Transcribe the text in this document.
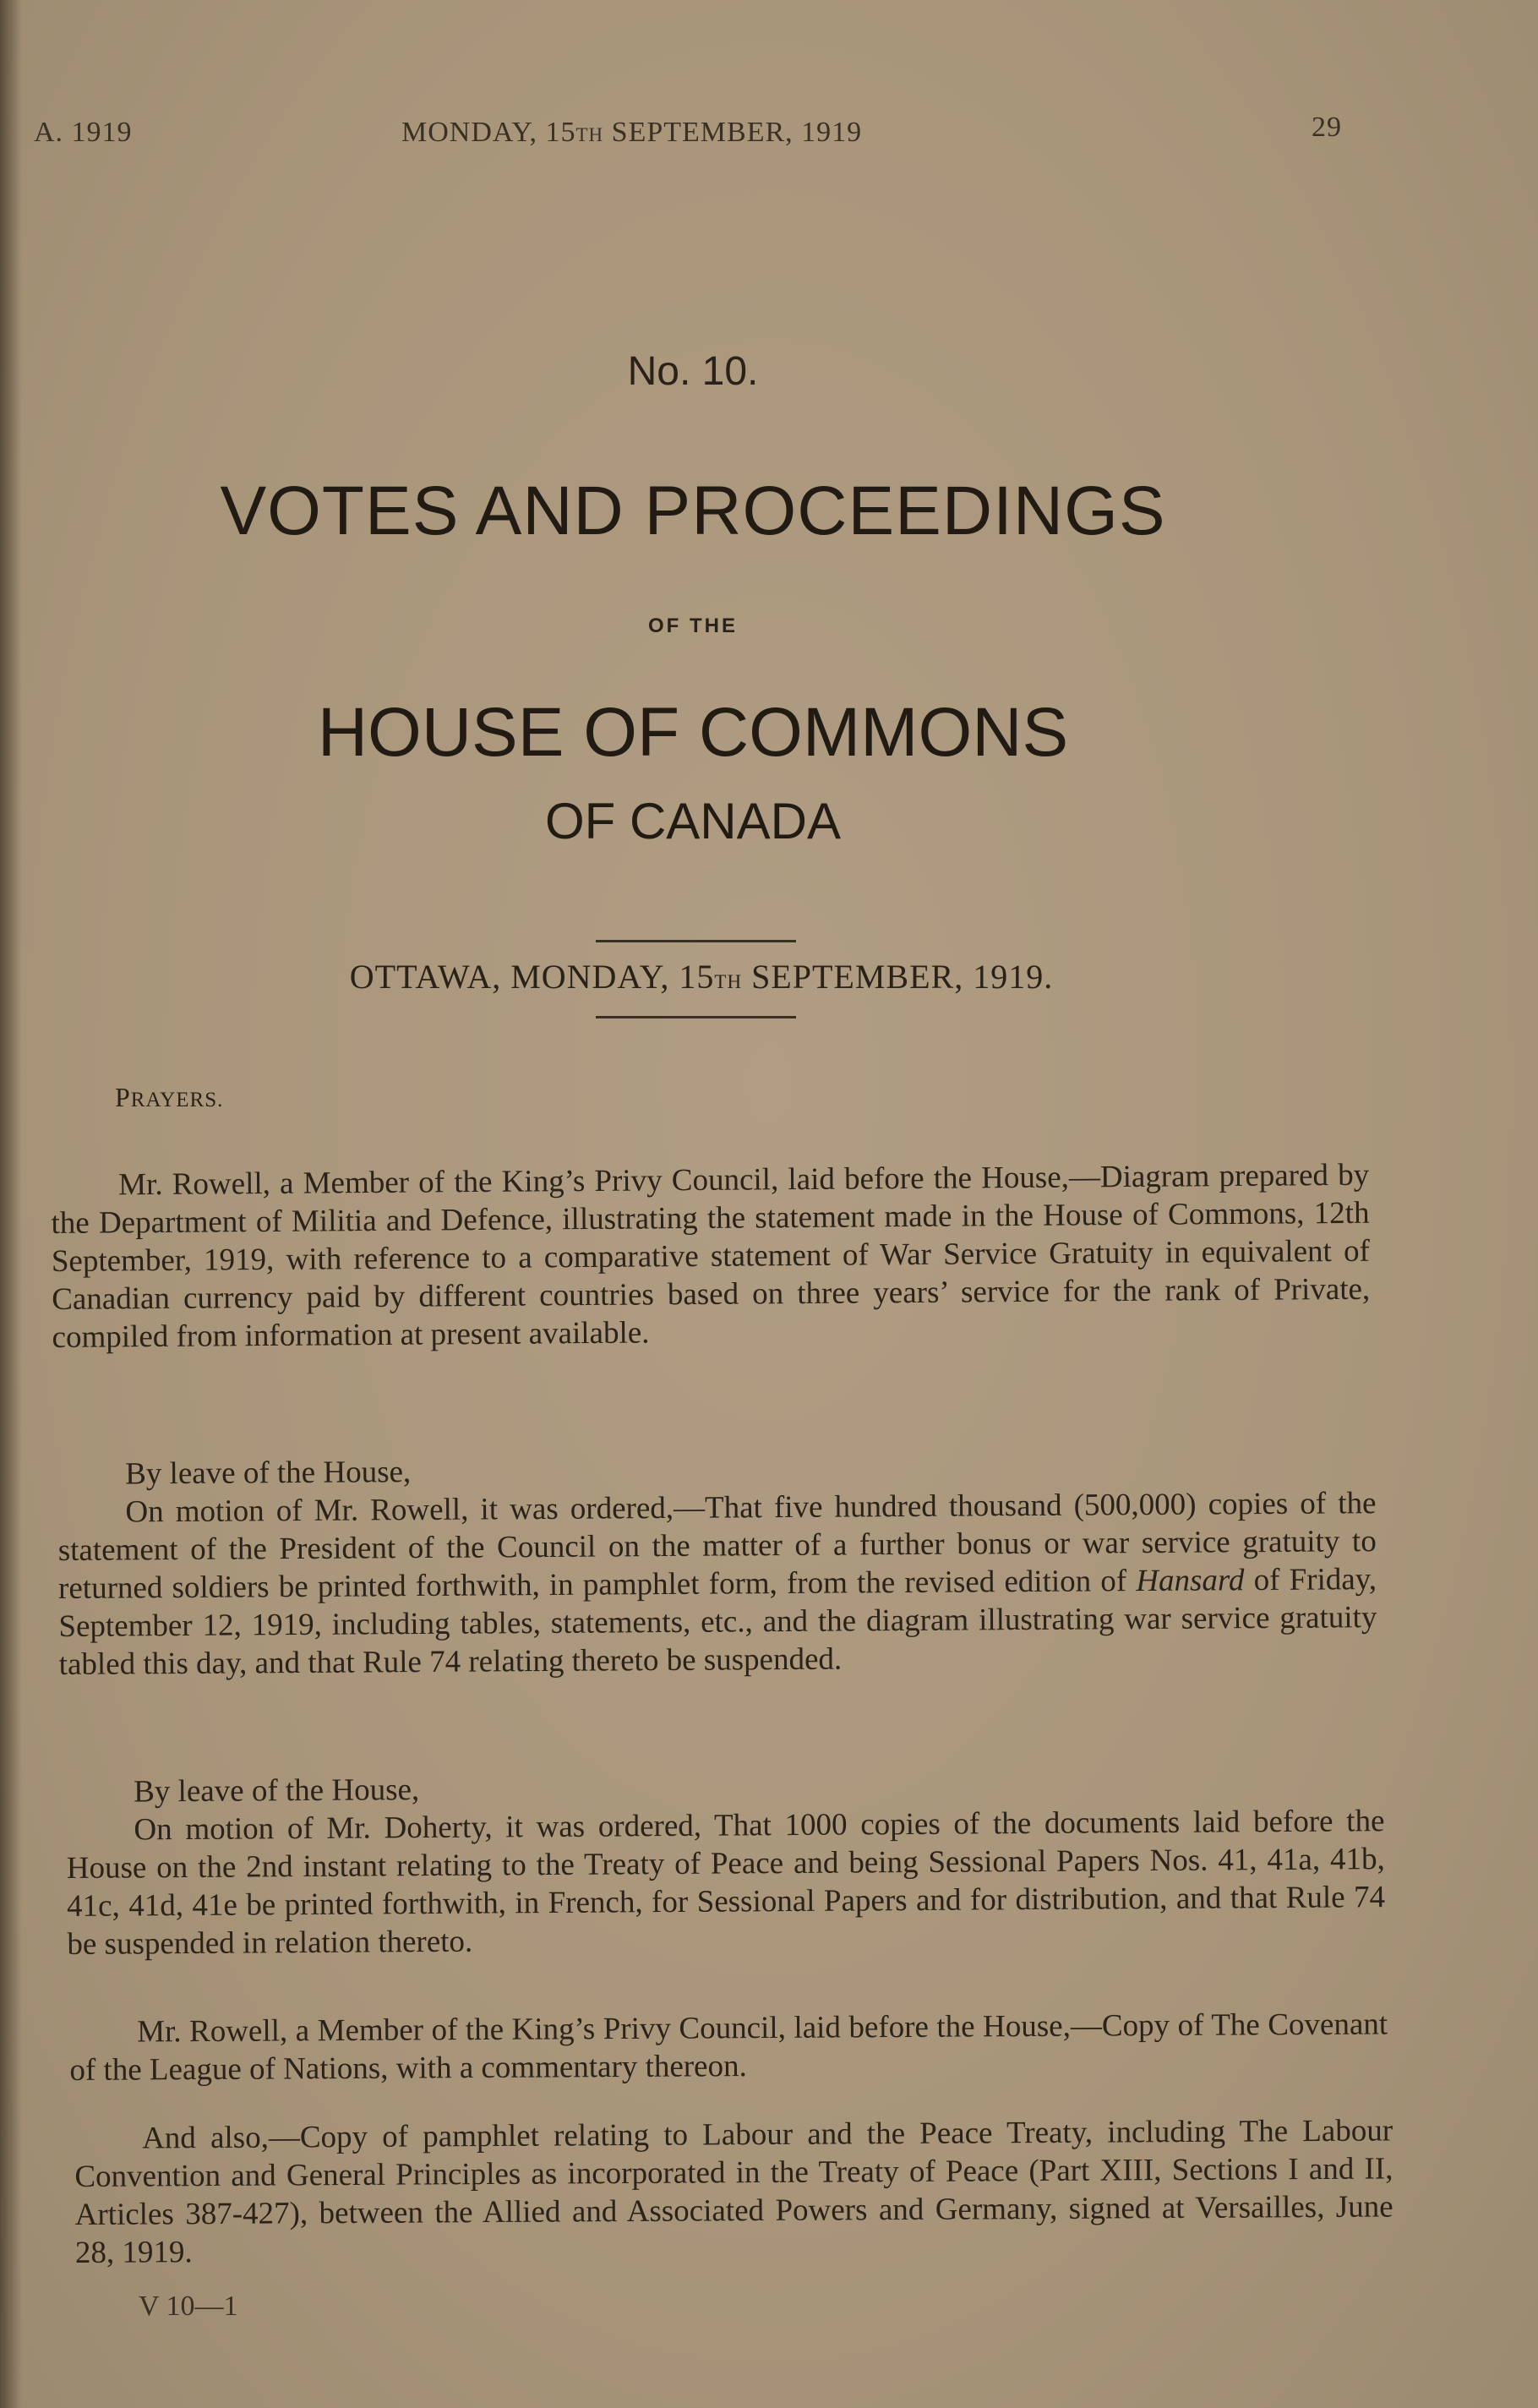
A. 1919	MONDAY, 15TH SEPTEMBER, 1919	29
No. 10.
VOTES AND PROCEEDINGS
OF THE
HOUSE OF COMMONS
OF CANADA
OTTAWA, MONDAY, 15TH SEPTEMBER, 1919.
PRAYERS.
Mr. Rowell, a Member of the King’s Privy Council, laid before the House,—Diagram prepared by the Department of Militia and Defence, illustrating the statement made in the House of Commons, 12th September, 1919, with reference to a comparative statement of War Service Gratuity in equivalent of Canadian currency paid by different countries based on three years’ service for the rank of Private, compiled from information at present available.
By leave of the House,
On motion of Mr. Rowell, it was ordered,—That five hundred thousand (500,000) copies of the statement of the President of the Council on the matter of a further bonus or war service gratuity to returned soldiers be printed forthwith, in pamphlet form, from the revised edition of Hansard of Friday, September 12, 1919, including tables, statements, etc., and the diagram illustrating war service gratuity tabled this day, and that Rule 74 relating thereto be suspended.
By leave of the House,
On motion of Mr. Doherty, it was ordered, That 1000 copies of the documents laid before the House on the 2nd instant relating to the Treaty of Peace and being Sessional Papers Nos. 41, 41a, 41b, 41c, 41d, 41e be printed forthwith, in French, for Sessional Papers and for distribution, and that Rule 74 be suspended in relation thereto.
Mr. Rowell, a Member of the King’s Privy Council, laid before the House,—Copy of The Covenant of the League of Nations, with a commentary thereon.
And also,—Copy of pamphlet relating to Labour and the Peace Treaty, including The Labour Convention and General Principles as incorporated in the Treaty of Peace (Part XIII, Sections I and II, Articles 387-427), between the Allied and Associated Powers and Germany, signed at Versailles, June 28, 1919.
V 10—1
